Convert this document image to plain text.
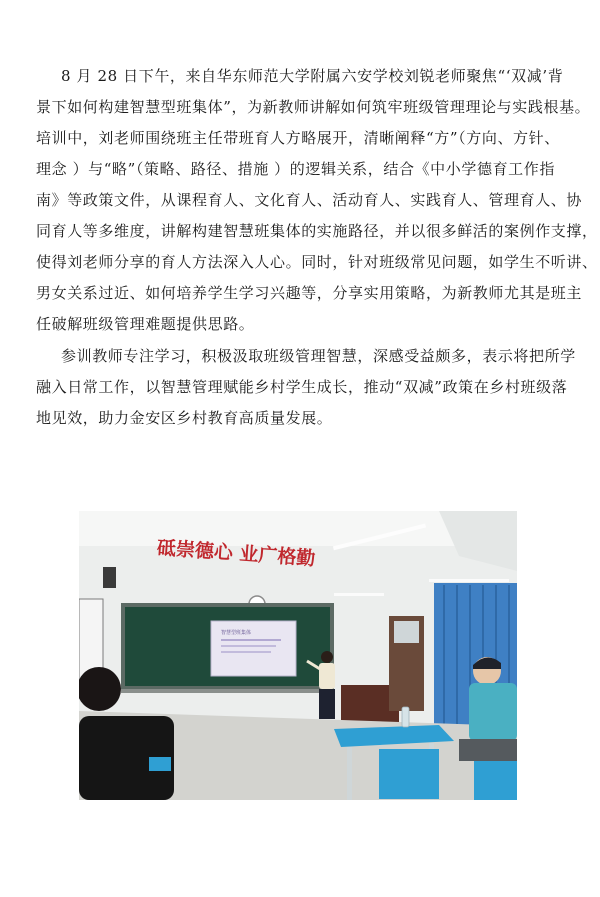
8 月 28 日下午，来自华东师范大学附属六安学校刘锐老师聚焦“‘双减’背
景下如何构建智慧型班集体”，为新教师讲解如何筑牢班级管理理论与实践根基。
培训中，刘老师围绕班主任带班育人方略展开，清晰阐释“方”（方向、方针、
理念 ）与“略”（策略、路径、措施 ）的逻辑关系，结合《中小学德育工作指
南》等政策文件，从课程育人、文化育人、活动育人、实践育人、管理育人、协
同育人等多维度，讲解构建智慧班集体的实施路径，并以很多鲜活的案例作支撑，
使得刘老师分享的育人方法深入人心。同时，针对班级常见问题，如学生不听讲、
男女关系过近、如何培养学生学习兴趣等，分享实用策略，为新教师尤其是班主
任破解班级管理难题提供思路。
参训教师专注学习，积极汲取班级管理智慧，深感受益颇多，表示将把所学
融入日常工作，以智慧管理赋能乡村学生成长，推动“双减”政策在乡村班级落
地见效，助力金安区乡村教育高质量发展。
砥崇德心 业广格勤
智慧型班集体
